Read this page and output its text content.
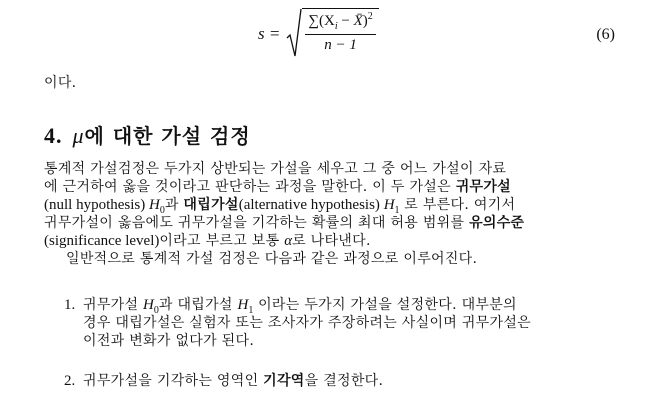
s =
$\sum(X_i$ − X̄)$^2$
n − 1
(6)
이다.
4. μ에 대한 가설 검정
통계적 가설검정은 두가지 상반되는 가설을 세우고 그 중 어느 가설이 자료
에 근거하여 옳을 것이라고 판단하는 과정을 말한다. 이 두 가설은 귀무가설
(null hypothesis) $H_0$과 대립가설(alternative hypothesis) $H_1$ 로 부른다. 여기서
귀무가설이 옳음에도 귀무가설을 기각하는 확률의 최대 허용 범위를 유의수준
(significance level)이라고 부르고 보통 α로 나타낸다.
일반적으로 통계적 가설 검정은 다음과 같은 과정으로 이루어진다.
1. 귀무가설 $H_0$과 대립가설 $H_1$ 이라는 두가지 가설을 설정한다. 대부분의
경우 대립가설은 실험자 또는 조사자가 주장하려는 사실이며 귀무가설은
이전과 변화가 없다가 된다.
2. 귀무가설을 기각하는 영역인 기각역을 결정한다.
